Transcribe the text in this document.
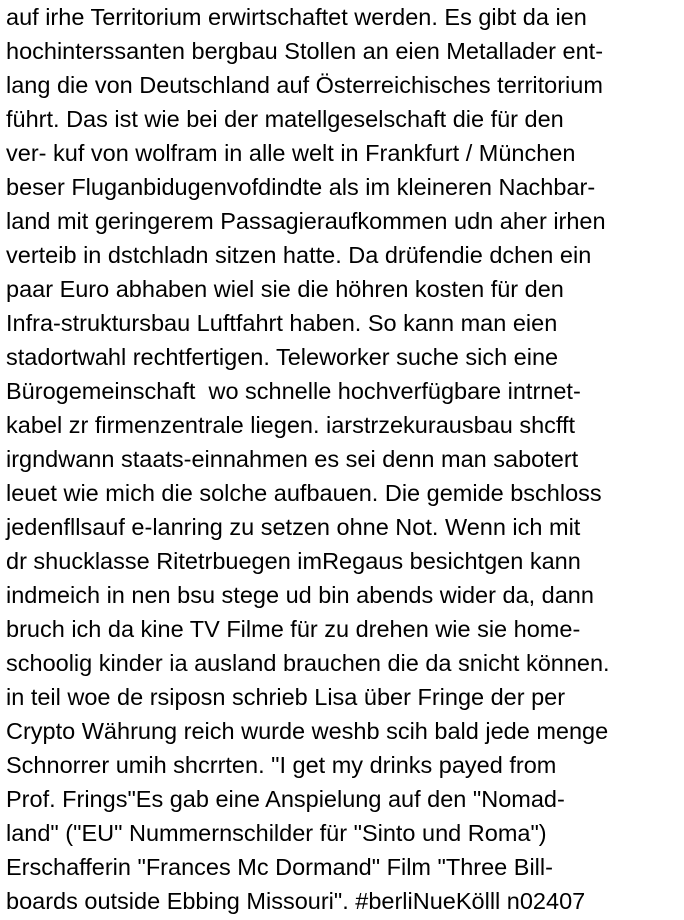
auf irhe Territorium erwirtschaftet werden. Es gibt da ien
hochinterssanten bergbau Stollen an eien Metallader ent-
lang die von Deutschland auf Österreichisches territorium
führt. Das ist wie bei der matellgeselschaft die für den
ver- kuf von wolfram in alle welt in Frankfurt / München
beser Fluganbidugenvofdindte als im kleineren Nachbar-
land mit geringerem Passagieraufkommen udn aher irhen
verteib in dstchladn sitzen hatte. Da drüfendie dchen ein
paar Euro abhaben wiel sie die höhren kosten für den
Infra-struktursbau Luftfahrt haben. So kann man eien
stadortwahl rechtfertigen. Teleworker suche sich eine
Bürogemeinschaft  wo schnelle hochverfügbare intrnet-
kabel zr firmenzentrale liegen. iarstrzekurausbau shcfft
irgndwann staats-einnahmen es sei denn man sabotert
leuet wie mich die solche aufbauen. Die gemide bschloss
jedenfllsauf e-lanring zu setzen ohne Not. Wenn ich mit
dr shucklasse Ritetrbuegen imRegaus besichtgen kann
indmeich in nen bsu stege ud bin abends wider da, dann
bruch ich da kine TV Filme für zu drehen wie sie home-
schoolig kinder ia ausland brauchen die da snicht können.
in teil woe de rsiposn schrieb Lisa über Fringe der per
Crypto Währung reich wurde weshb scih bald jede menge
Schnorrer umih shcrrten. "I get my drinks payed from
Prof. Frings"Es gab eine Anspielung auf den "Nomad-
land" ("EU" Nummernschilder für "Sinto und Roma")
Erschafferin "Frances Mc Dormand" Film "Three Bill-
boards outside Ebbing Missouri". #berliNueKölll n02407
